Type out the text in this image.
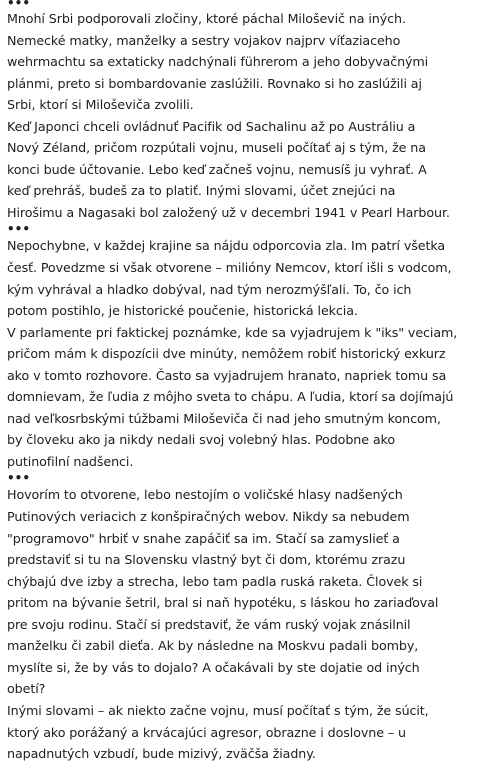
•••
Mnohí Srbi podporovali zločiny, ktoré páchal Miloševič na iných.
Nemecké matky, manželky a sestry vojakov najprv víťaziaceho
wehrmachtu sa extaticky nadchýnali führerom a jeho dobyvačnými
plánmi, preto si bombardovanie zaslúžili. Rovnako si ho zaslúžili aj
Srbi, ktorí si Miloševiča zvolili.
Keď Japonci chceli ovládnuť Pacifik od Sachalinu až po Austráliu a
Nový Zéland, pričom rozpútali vojnu, museli počítať aj s tým, že na
konci bude účtovanie. Lebo keď začneš vojnu, nemusíš ju vyhrať. A
keď prehráš, budeš za to platiť. Inými slovami, účet znejúci na
Hirošimu a Nagasaki bol založený už v decembri 1941 v Pearl Harbour.
•••
Nepochybne, v každej krajine sa nájdu odporcovia zla. Im patrí všetka
česť. Povedzme si však otvorene – milióny Nemcov, ktorí išli s vodcom,
kým vyhrával a hladko dobýval, nad tým nerozmýšľali. To, čo ich
potom postihlo, je historické poučenie, historická lekcia.
V parlamente pri faktickej poznámke, kde sa vyjadrujem k "iks" veciam,
pričom mám k dispozícii dve minúty, nemôžem robiť historický exkurz
ako v tomto rozhovore. Často sa vyjadrujem hranato, napriek tomu sa
domnievam, že ľudia z môjho sveta to chápu. A ľudia, ktorí sa dojímajú
nad veľkosrbskými túžbami Miloševiča či nad jeho smutným koncom,
by človeku ako ja nikdy nedali svoj volebný hlas. Podobne ako
putinofilní nadšenci.
•••
Hovorím to otvorene, lebo nestojím o voličské hlasy nadšených
Putinových veriacich z konšpiračných webov. Nikdy sa nebudem
"programovo" hrbiť v snahe zapáčiť sa im. Stačí sa zamyslieť a
predstaviť si tu na Slovensku vlastný byt či dom, ktorému zrazu
chýbajú dve izby a strecha, lebo tam padla ruská raketa. Človek si
pritom na bývanie šetril, bral si naň hypotéku, s láskou ho zariaďoval
pre svoju rodinu. Stačí si predstaviť, že vám ruský vojak znásilnil
manželku či zabil dieťa. Ak by následne na Moskvu padali bomby,
myslíte si, že by vás to dojalo? A očakávali by ste dojatie od iných
obetí?
Inými slovami – ak niekto začne vojnu, musí počítať s tým, že súcit,
ktorý ako porážaný a krvácajúci agresor, obrazne i doslovne – u
napadnutých vzbudí, bude mizivý, zväčša žiadny.
